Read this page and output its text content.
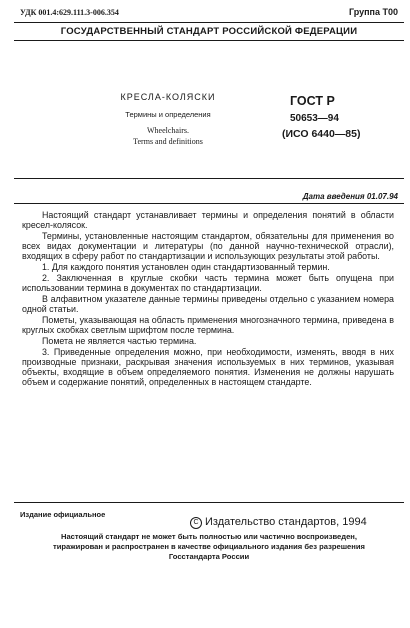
УДК 001.4:629.111.3-006.354	Группа Т00
ГОСУДАРСТВЕННЫЙ СТАНДАРТ РОССИЙСКОЙ ФЕДЕРАЦИИ
КРЕСЛА-КОЛЯСКИ
Термины и определения
Wheelchairs.
Terms and definitions
ГОСТ Р
50653—94
(ИСО 6440—85)
Дата введения 01.07.94

Настоящий стандарт устанавливает термины и определения понятий в области кресел-колясок.

Термины, установленные настоящим стандартом, обязательны для применения во всех видах документации и литературы (по данной научно-технической отрасли), входящих в сферу работ по стандартизации и использующих результаты этой работы.

1. Для каждого понятия установлен один стандартизованный термин.

2. Заключенная в круглые скобки часть термина может быть опущена при использовании термина в документах по стандартизации.

В алфавитном указателе данные термины приведены отдельно с указанием номера одной статьи.

Пометы, указывающая на область применения многозначного термина, приведена в круглых скобках светлым шрифтом после термина.

Помета не является частью термина.

3. Приведенные определения можно, при необходимости, изменять, вводя в них производные признаки, раскрывая значения используемых в них терминов, указывая объекты, входящие в объем определяемого понятия. Изменения не должны нарушать объем и содержание понятий, определенных в настоящем стандарте.

Издание официальное
С Издательство стандартов, 1994
Настоящий стандарт не может быть полностью или частично воспроизведен,
тиражирован и распространен в качестве официального издания без разрешения
Госстандарта России
